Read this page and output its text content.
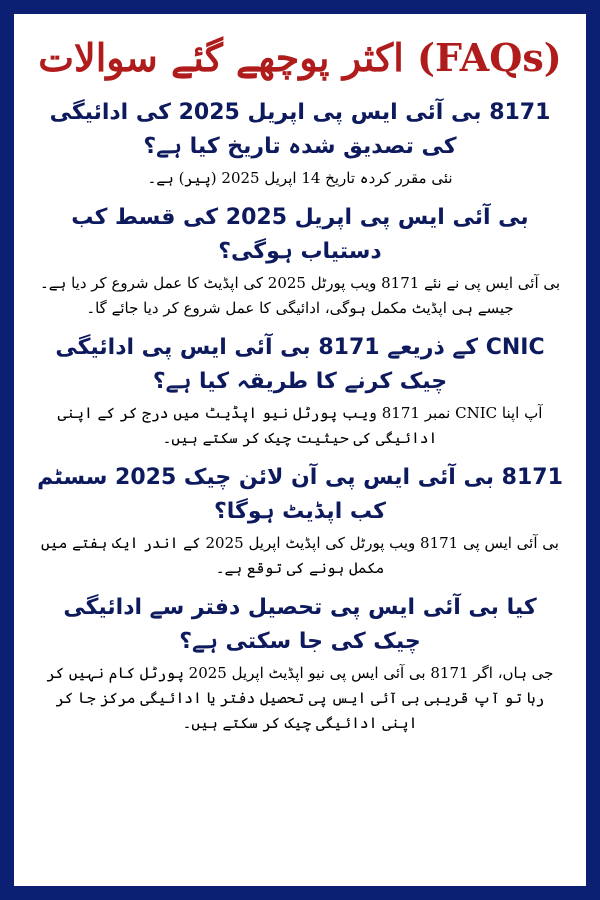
اکثر پوچھے گئے سوالات (FAQs)

8171 بی آئی ایس پی اپریل 2025 کی ادائیگی کی تصدیق شدہ تاریخ کیا ہے؟

نئی مقرر کردہ تاریخ 14 اپریل 2025 (پیر) ہے۔

بی آئی ایس پی اپریل 2025 کی قسط کب دستیاب ہوگی؟

بی آئی ایس پی نے نئے 8171 ویب پورٹل 2025 کی اپڈیٹ کا عمل شروع کر دیا ہے۔ جیسے ہی اپڈیٹ مکمل ہوگی، ادائیگی کا عمل شروع کر دیا جائے گا۔

CNIC کے ذریعے 8171 بی آئی ایس پی ادائیگی چیک کرنے کا طریقہ کیا ہے؟

آپ اپنا CNIC نمبر 8171 ویب پورٹل نیو اپڈیٹ میں درج کر کے اپنی ادائیگی کی حیثیت چیک کر سکتے ہیں۔

8171 بی آئی ایس پی آن لائن چیک 2025 سسٹم کب اپڈیٹ ہوگا؟

بی آئی ایس پی 8171 ویب پورٹل کی اپڈیٹ اپریل 2025 کے اندر ایک ہفتے میں مکمل ہونے کی توقع ہے۔

کیا بی آئی ایس پی تحصیل دفتر سے ادائیگی چیک کی جا سکتی ہے؟

جی ہاں، اگر 8171 بی آئی ایس پی نیو اپڈیٹ اپریل 2025 پورٹل کام نہیں کر رہا تو آپ قریبی بی آئی ایس پی تحصیل دفتر یا ادائیگی مرکز جا کر اپنی ادائیگی چیک کر سکتے ہیں۔
